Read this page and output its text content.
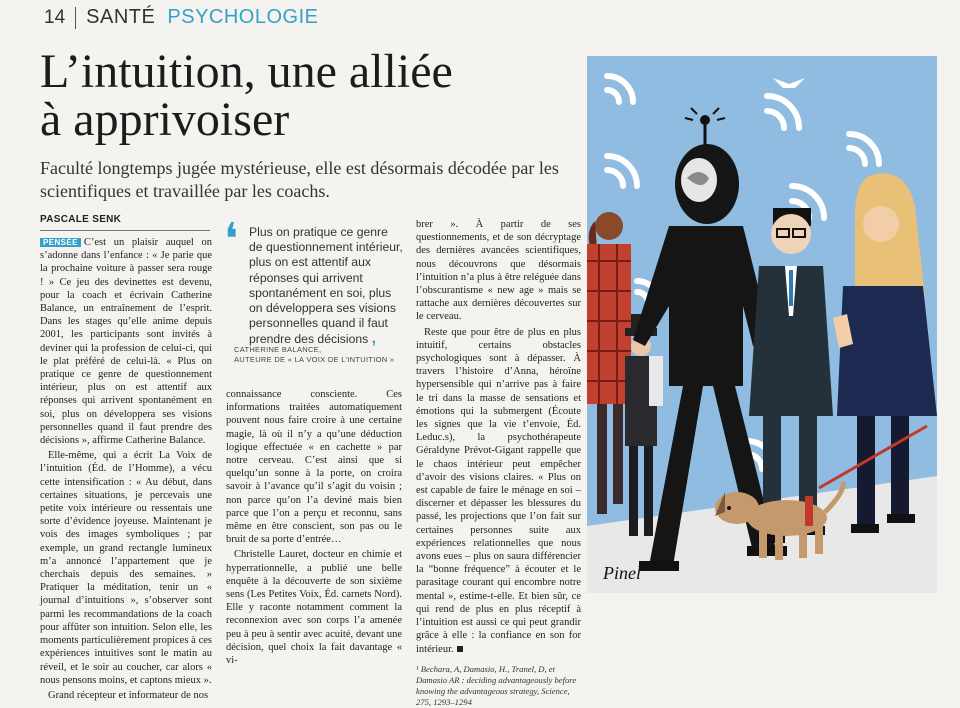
14 SANTÉ PSYCHOLOGIE
L’intuition, une alliée
à apprivoiser

Faculté longtemps jugée mystérieuse, elle est désormais décodée par les scientifiques et travaillée par les coachs.

PASCALE SENK

PENSÉE C’est un plaisir auquel on s’adonne dans l’enfance : « Je parie que la prochaine voiture à passer sera rouge ! » Ce jeu des devinettes est devenu, pour la coach et écrivain Catherine Balance, un entraînement de l’esprit. Dans les stages qu’elle anime depuis 2001, les participants sont invités à deviner qui la profession de celui-ci, qui le plat préféré de celui-là. « Plus on pratique ce genre de questionnement intérieur, plus on est attentif aux réponses qui arrivent spontanément en soi, plus on développera ses visions personnelles quand il faut prendre des décisions », affirme Catherine Balance.

Elle-même, qui a écrit La Voix de l’intuition (Éd. de l’Homme), a vécu cette intensification : « Au début, dans certaines situations, je percevais une petite voix intérieure ou ressentais une sorte d’évidence joyeuse. Maintenant je vois des images symboliques ; par exemple, un grand rectangle lumineux m’a annoncé l’appartement que je cherchais depuis des semaines. » Pratiquer la méditation, tenir un « journal d’intuitions », s’observer sont parmi les recommandations de la coach pour affûter son intuition. Selon elle, les moments particulièrement propices à ces expériences intuitives sont le matin au réveil, et le soir au coucher, car alors « nous pensons moins, et captons mieux ».

Grand récepteur et informateur de nos

❛ Plus on pratique ce genre de questionnement intérieur, plus on est attentif aux réponses qui arrivent spontanément en soi, plus on développera ses visions personnelles quand il faut prendre des décisions ,
CATHERINE BALANCE,
AUTEURE DE « LA VOIX DE L’INTUITION »

connaissance consciente. Ces informations traitées automatiquement pouvent nous faire croire à une certaine magie, là où il n’y a qu’une déduction logique effectuée « en cachette » par notre cerveau. C’est ainsi que si quelqu’un sonne à la porte, on croira savoir à l’avance qu’il s’agit du voisin ; non parce qu’on l’a deviné mais bien parce que l’on a perçu et reconnu, sans même en être conscient, son pas ou le bruit de sa porte d’entrée…

Christelle Lauret, docteur en chimie et hyperrationnelle, a publié une belle enquête à la découverte de son sixième sens (Les Petites Voix, Éd. carnets Nord). Elle y raconte notamment comment la reconnexion avec son corps l’a amenée peu à peu à sentir avec acuité, devant une décision, quel choix la fait davantage « vi-

brer ». À partir de ses questionnements, et de son décryptage des dernières avancées scientifiques, nous découvrons que désormais l’intuition n’a plus à être reléguée dans l’obscurantisme « new age » mais se rattache aux dernières découvertes sur le cerveau.

Reste que pour être de plus en plus intuitif, certains obstacles psychologiques sont à dépasser. À travers l’histoire d’Anna, héroïne hypersensible qui n’arrive pas à faire le tri dans la masse de sensations et émotions qui la submergent (Écoute les signes que la vie t’envoie, Éd. Leduc.s), la psychothérapeute Géraldyne Prévot-Gigant rappelle que le chaos intérieur peut empêcher d’avoir des visions claires. « Plus on est capable de faire le ménage en soi – discerner et dépasser les blessures du passé, les projections que l’on fait sur certaines personnes suite aux expériences relationnelles que nous avons eues – plus on saura différencier la “bonne fréquence” à écouter et le parasitage courant qui encombre notre mental », estime-t-elle. Et bien sûr, ce qui rend de plus en plus réceptif à l’intuition est aussi ce qui peut grandir grâce à elle : la confiance en son for intérieur.

¹ Bechara, A, Damasio, H., Tranel, D, et Damasio AR : deciding advantageously before knowing the advantageous strategy, Science, 275, 1293–1294

Pinel
